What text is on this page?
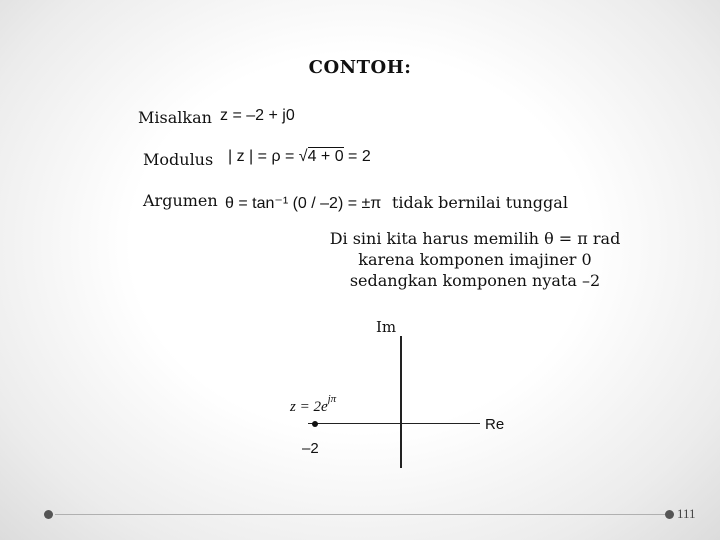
CONTOH:
Misalkan z = –2 + j0
Modulus | z | = ρ = √4 + 0 = 2
Argumen θ = tan⁻¹ (0 / –2) = ±π tidak bernilai tunggal
Di sini kita harus memilih θ = π rad
karena komponen imajiner 0
sedangkan komponen nyata –2
Im
Re
$z = 2e^{j\pi}$
–2
111
